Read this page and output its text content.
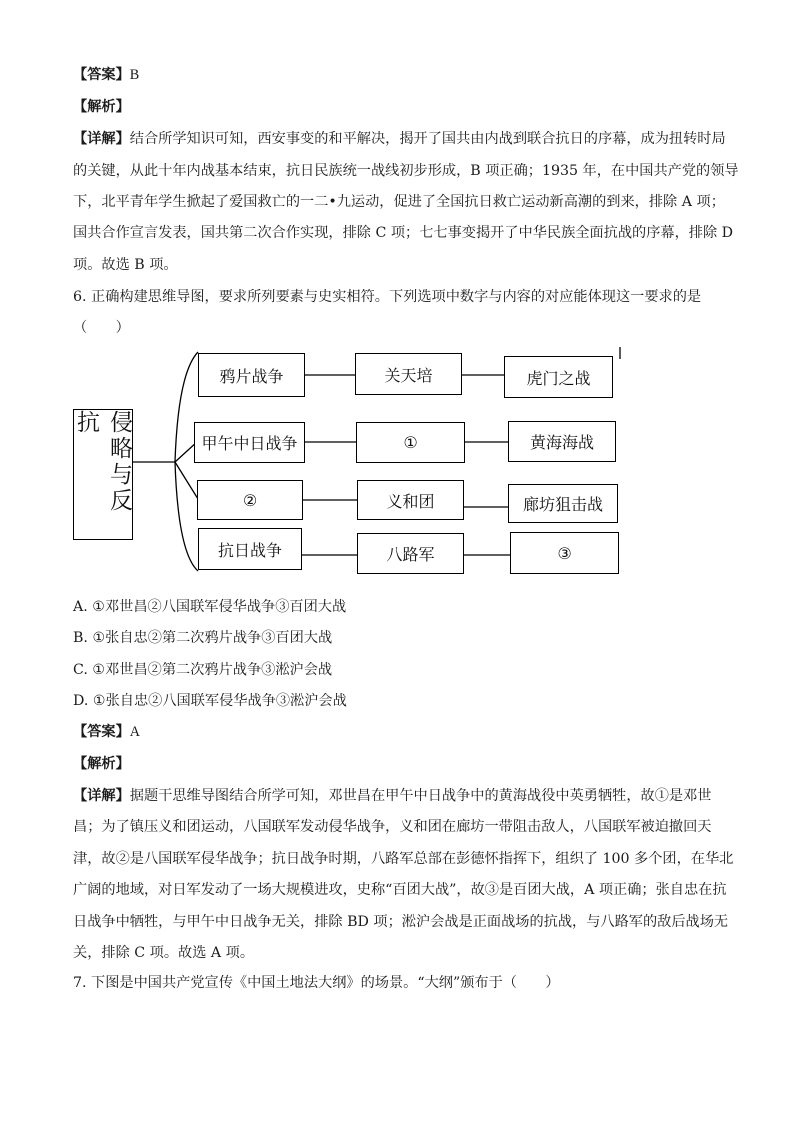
【答案】B
【解析】
【详解】结合所学知识可知，西安事变的和平解决，揭开了国共由内战到联合抗日的序幕，成为扭转时局
的关键，从此十年内战基本结束，抗日民族统一战线初步形成，B 项正确；1935 年，在中国共产党的领导
下，北平青年学生掀起了爱国救亡的一二•九运动，促进了全国抗日救亡运动新高潮的到来，排除 A 项；
国共合作宣言发表，国共第二次合作实现，排除 C 项；七七事变揭开了中华民族全面抗战的序幕，排除 D
项。故选 B 项。
6. 正确构建思维导图，要求所列要素与史实相符。下列选项中数字与内容的对应能体现这一要求的是
（　　）
侵略与反抗
鸦片战争	关天培	虎门之战
甲午中日战争	①	黄海海战
②	义和团	廊坊狙击战
抗日战争	八路军	③
A. ①邓世昌②八国联军侵华战争③百团大战
B. ①张自忠②第二次鸦片战争③百团大战
C. ①邓世昌②第二次鸦片战争③淞沪会战
D. ①张自忠②八国联军侵华战争③淞沪会战
【答案】A
【解析】
【详解】据题干思维导图结合所学可知，邓世昌在甲午中日战争中的黄海战役中英勇牺牲，故①是邓世
昌；为了镇压义和团运动，八国联军发动侵华战争，义和团在廊坊一带阻击敌人，八国联军被迫撤回天
津，故②是八国联军侵华战争；抗日战争时期，八路军总部在彭德怀指挥下，组织了 100 多个团，在华北
广阔的地域，对日军发动了一场大规模进攻，史称“百团大战”，故③是百团大战，A 项正确；张自忠在抗
日战争中牺牲，与甲午中日战争无关，排除 BD 项；淞沪会战是正面战场的抗战，与八路军的敌后战场无
关，排除 C 项。故选 A 项。
7. 下图是中国共产党宣传《中国土地法大纲》的场景。“大纲”颁布于（　　）
